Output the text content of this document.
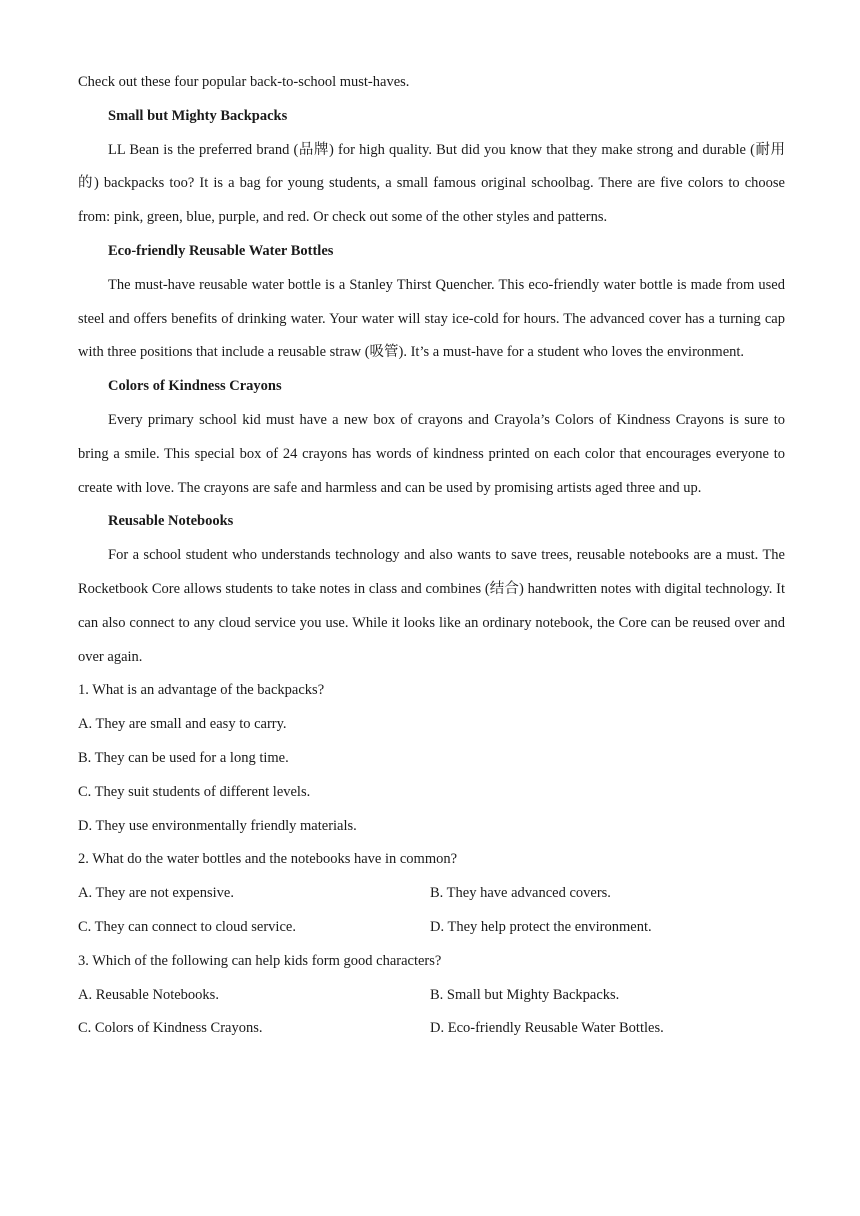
Check out these four popular back-to-school must-haves.
Small but Mighty Backpacks
LL Bean is the preferred brand (品牌) for high quality. But did you know that they make strong and durable (耐用的) backpacks too? It is a bag for young students, a small famous original schoolbag. There are five colors to choose from: pink, green, blue, purple, and red. Or check out some of the other styles and patterns.
Eco-friendly Reusable Water Bottles
The must-have reusable water bottle is a Stanley Thirst Quencher. This eco-friendly water bottle is made from used steel and offers benefits of drinking water. Your water will stay ice-cold for hours. The advanced cover has a turning cap with three positions that include a reusable straw (吸管). It’s a must-have for a student who loves the environment.
Colors of Kindness Crayons
Every primary school kid must have a new box of crayons and Crayola’s Colors of Kindness Crayons is sure to bring a smile. This special box of 24 crayons has words of kindness printed on each color that encourages everyone to create with love. The crayons are safe and harmless and can be used by promising artists aged three and up.
Reusable Notebooks
For a school student who understands technology and also wants to save trees, reusable notebooks are a must. The Rocketbook Core allows students to take notes in class and combines (结合) handwritten notes with digital technology. It can also connect to any cloud service you use. While it looks like an ordinary notebook, the Core can be reused over and over again.
1. What is an advantage of the backpacks?
A. They are small and easy to carry.
B. They can be used for a long time.
C. They suit students of different levels.
D. They use environmentally friendly materials.
2. What do the water bottles and the notebooks have in common?
A. They are not expensive.	B. They have advanced covers.
C. They can connect to cloud service.	D. They help protect the environment.
3. Which of the following can help kids form good characters?
A. Reusable Notebooks.	B. Small but Mighty Backpacks.
C. Colors of Kindness Crayons.	D. Eco-friendly Reusable Water Bottles.
